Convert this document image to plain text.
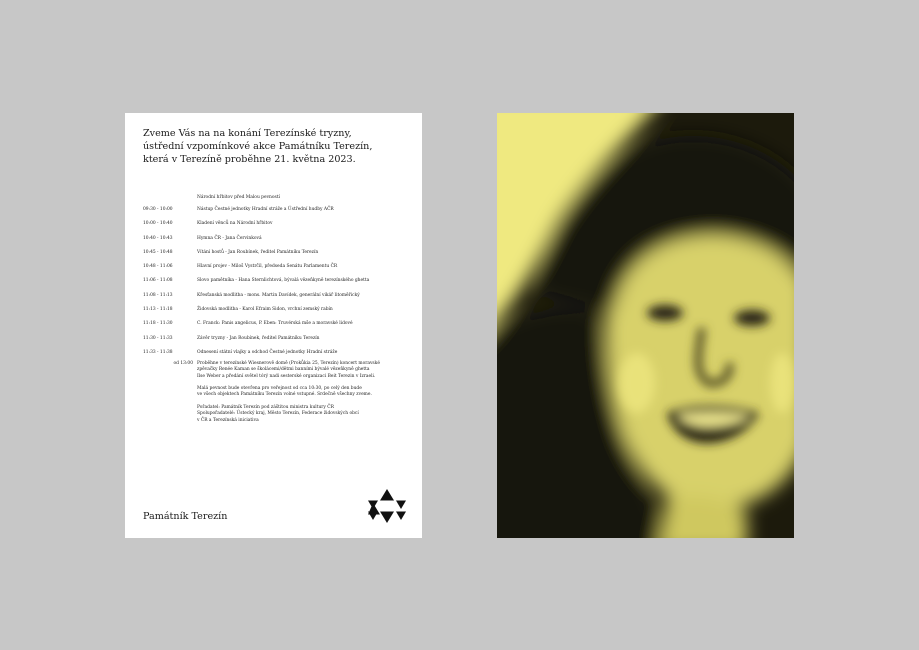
Zveme Vás na na konání Terezínské tryzny,
ústřední vzpomínkové akce Památníku Terezín,
která v Terezíně proběhne 21. května 2023.

Národní hřbitov před Malou pevností
09:30 - 10:00	Nástup Čestné jednotky Hradní stráže a Ústřední hudby AČR
10:00 - 10:40	Kladení věnců na Národní hřbitov
10:40 - 10:43	Hymna ČR - Jana Červinková
10:45 - 10:48	Vítání hostů - Jan Roubínek, ředitel Památníku Terezín
10:48 - 11:06	Hlavní projev - Miloš Vystrčil, předseda Senátu Parlamentu ČR
11:06 - 11:08	Slovo pamětníka - Hana Sternlichtová, bývalá vězeňkyně terezínského ghetta
11:08 - 11:13	Křesťanská modlitba - mons. Martin Davídek, generální vikář litoměřický
11:13 - 11:18	Židovská modlitba - Karol Efraim Sidon, vrchní zemský rabín
11:18 - 11:30	C. Franck: Panis angelicus, P. Eben: Truvérská mše a moravské lidové
11:30 - 11:33	Závěr tryzny - Jan Roubínek, ředitel Památníku Terezín
11:33 - 11:38	Odnesení státní vlajky a odchod Čestné jednotky Hradní stráže
od 13:00 Proběhne v terezínské Wiesnerově domě (Prokůkia 25, Terezín) koncert moravské
zpěvačky Renée Kaman se školácemi/dětmi banními bývalé vězeňkyně ghetta
Ilse Weber a předání světel tórý nadi sesterské organizaci Beit Terezin v Izraeli.
Malá pevnost bude otevřena pro veřejnost od cca 10:30, po celý den bude
ve všech objektech Památníku Terezín volné vstupné. Srdečně všechny zveme.
Pořadatel: Památník Terezín pod záštitou ministra kultury ČR
Spolupořadatelé: Ústecký kraj, Město Terezín, Federace židovských obcí
v ČR a Terezínská iniciativa
Památník Terezín
